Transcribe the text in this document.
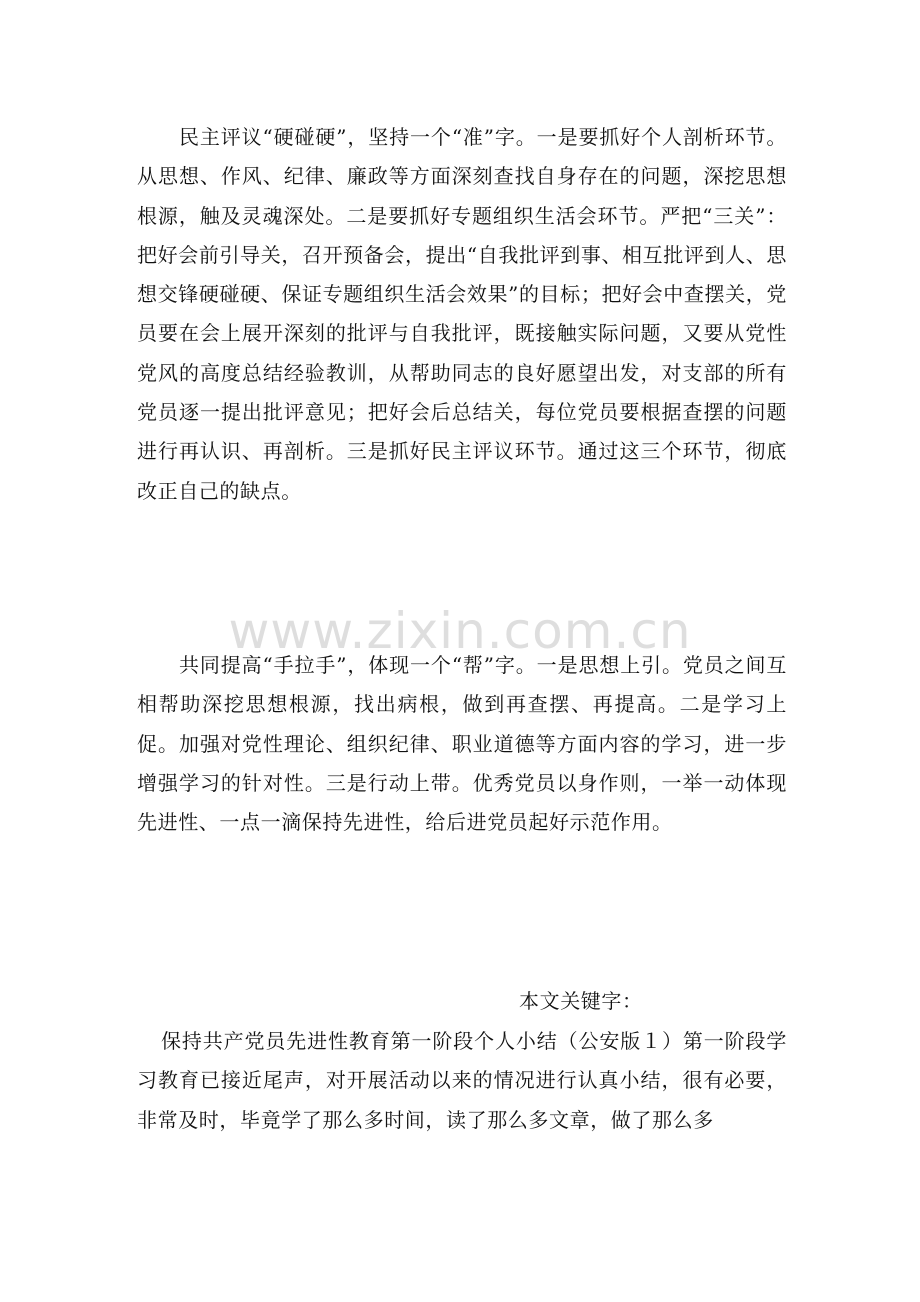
www.zixin.com.cn

民主评议“硬碰硬”，坚持一个“准”字。一是要抓好个人剖析环节。从思想、作风、纪律、廉政等方面深刻查找自身存在的问题，深挖思想根源，触及灵魂深处。二是要抓好专题组织生活会环节。严把“三关”：把好会前引导关，召开预备会，提出“自我批评到事、相互批评到人、思想交锋硬碰硬、保证专题组织生活会效果”的目标；把好会中查摆关，党员要在会上展开深刻的批评与自我批评，既接触实际问题，又要从党性党风的高度总结经验教训，从帮助同志的良好愿望出发，对支部的所有党员逐一提出批评意见；把好会后总结关，每位党员要根据查摆的问题进行再认识、再剖析。三是抓好民主评议环节。通过这三个环节，彻底改正自己的缺点。

共同提高“手拉手”，体现一个“帮”字。一是思想上引。党员之间互相帮助深挖思想根源，找出病根，做到再查摆、再提高。二是学习上促。加强对党性理论、组织纪律、职业道德等方面内容的学习，进一步增强学习的针对性。三是行动上带。优秀党员以身作则，一举一动体现先进性、一点一滴保持先进性，给后进党员起好示范作用。

本文关键字：

保持共产党员先进性教育第一阶段个人小结（公安版１）第一阶段学习教育已接近尾声，对开展活动以来的情况进行认真小结，很有必要，非常及时，毕竟学了那么多时间，读了那么多文章，做了那么多
